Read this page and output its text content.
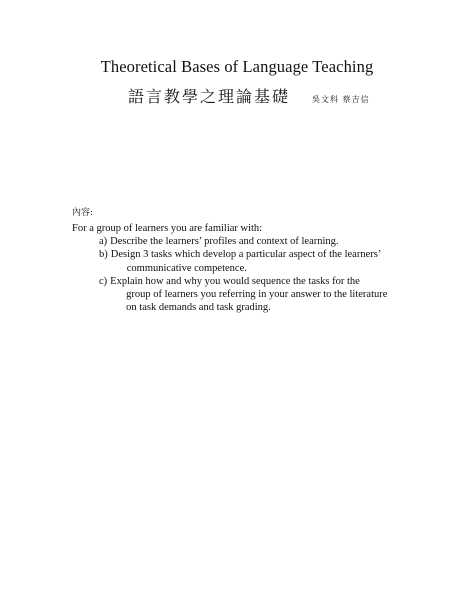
Theoretical Bases of Language Teaching
語言教學之理論基礎	吳文科 蔡吉信
內容:

For a group of learners you are familiar with:

a) Describe the learners’ profiles and context of learning.
b) Design 3 tasks which develop a particular aspect of the learners’
communicative competence.
c) Explain how and why you would sequence the tasks for the
group of learners you referring in your answer to the literature
on task demands and task grading.
